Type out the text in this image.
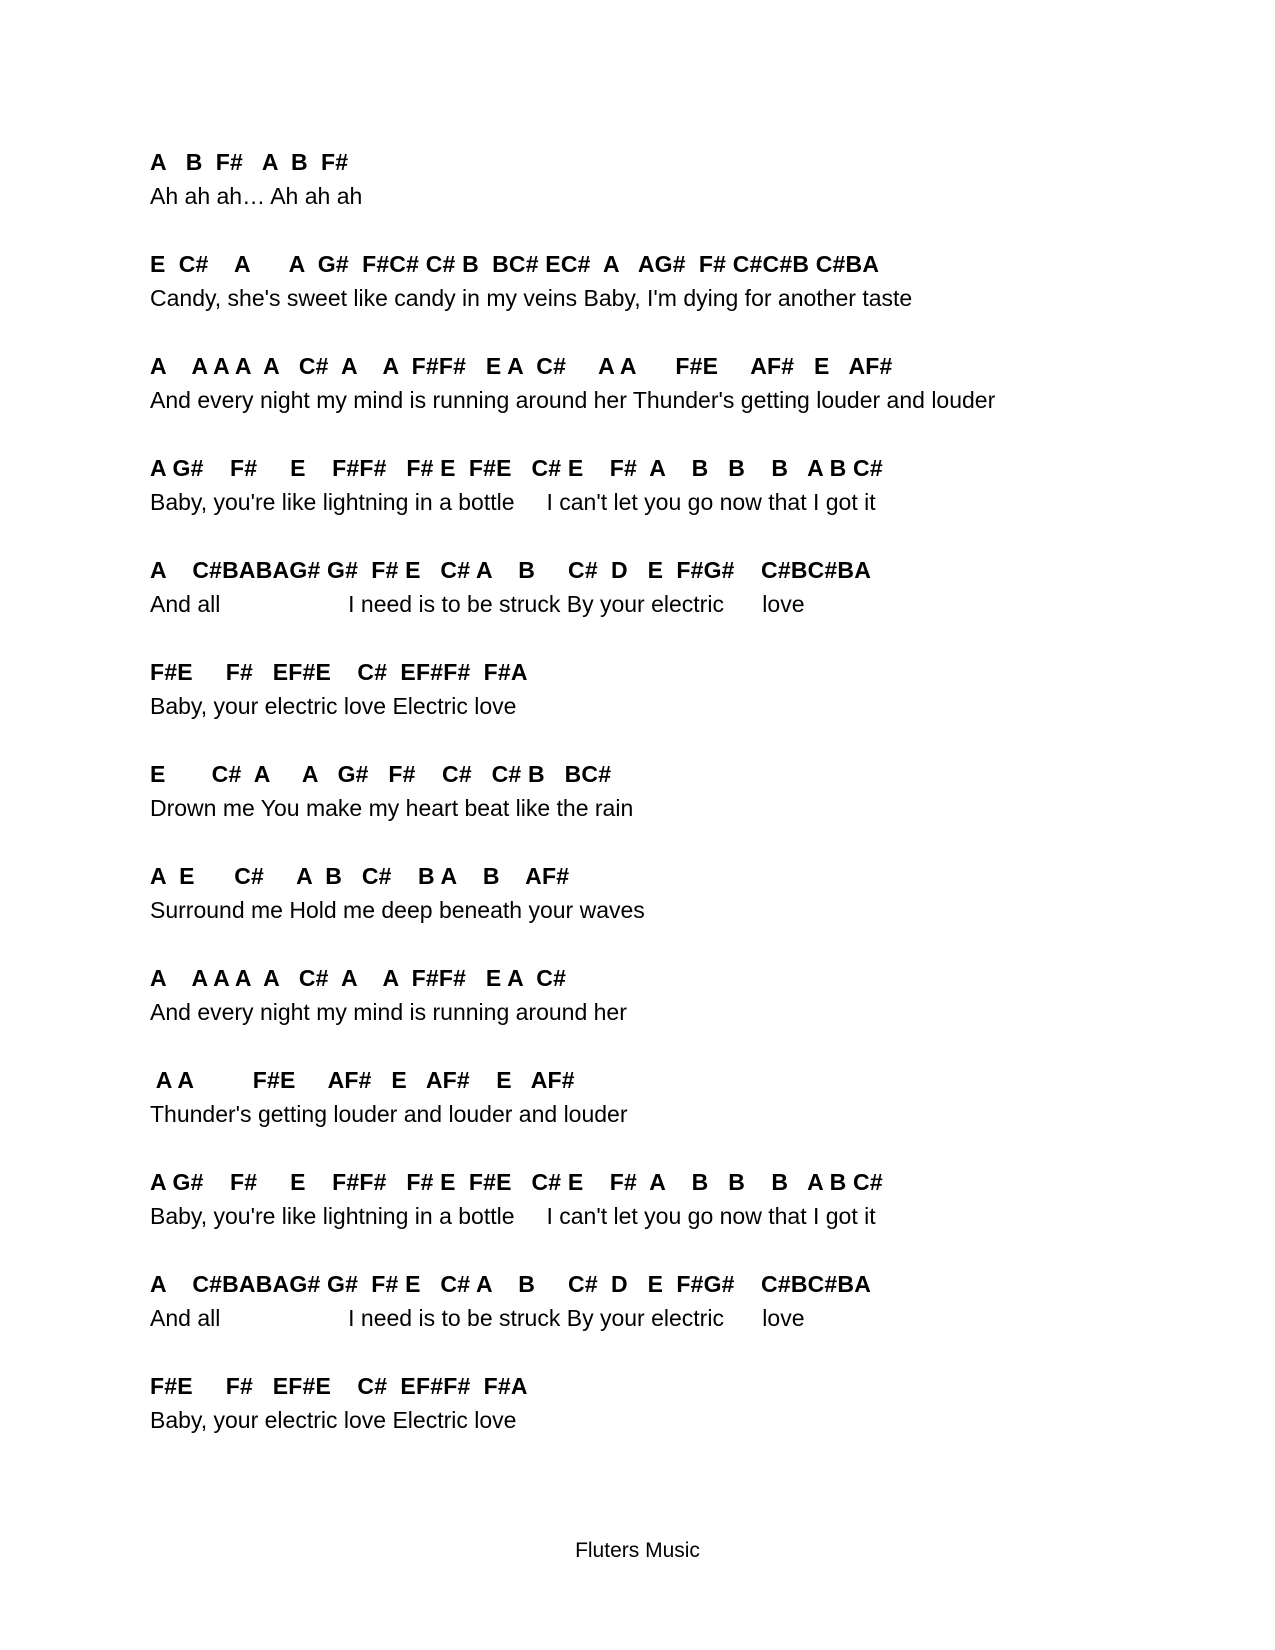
A   B  F#   A  B  F#
Ah ah ah… Ah ah ah
E  C#    A      A  G#  F#C# C# B  BC# EC#  A   AG#  F# C#C#B C#BA
Candy, she's sweet like candy in my veins Baby, I'm dying for another taste
A    A A A  A   C#  A    A  F#F#   E A  C#     A A      F#E     AF#   E   AF#
And every night my mind is running around her Thunder's getting louder and louder
A G#    F#     E    F#F#   F# E  F#E   C# E    F#  A    B   B    B   A B C#
Baby, you're like lightning in a bottle     I can't let you go now that I got it
A    C#BABAG# G#  F# E   C# A    B     C#  D   E  F#G#    C#BC#BA
And all                    I need is to be struck By your electric      love
F#E     F#   EF#E    C#  EF#F#  F#A
Baby, your electric love Electric love
E       C#  A     A   G#   F#    C#   C# B   BC#
Drown me You make my heart beat like the rain
A  E      C#     A  B   C#    B A    B    AF#
Surround me Hold me deep beneath your waves
A    A A A  A   C#  A    A  F#F#   E A  C#
And every night my mind is running around her
A A         F#E     AF#   E   AF#    E   AF#
Thunder's getting louder and louder and louder
A G#    F#     E    F#F#   F# E  F#E   C# E    F#  A    B   B    B   A B C#
Baby, you're like lightning in a bottle     I can't let you go now that I got it
A    C#BABAG# G#  F# E   C# A    B     C#  D   E  F#G#    C#BC#BA
And all                    I need is to be struck By your electric      love
F#E     F#   EF#E    C#  EF#F#  F#A
Baby, your electric love Electric love
Fluters Music
